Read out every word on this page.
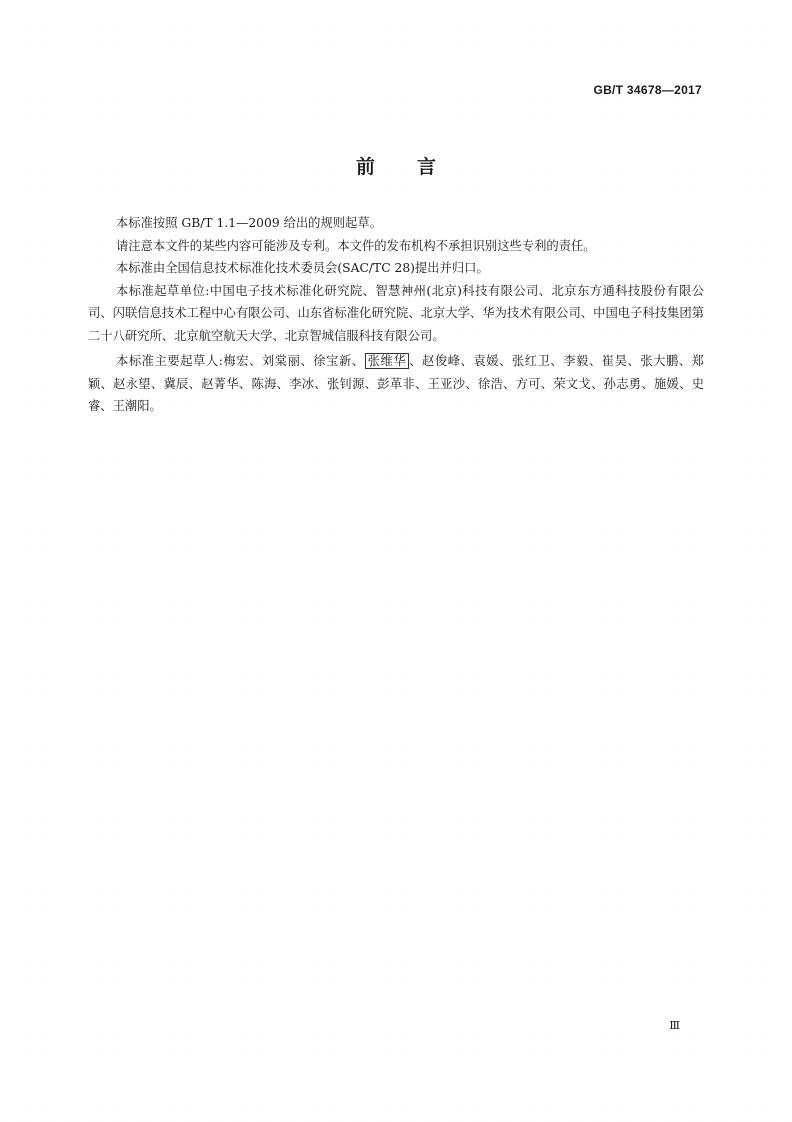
GB/T 34678—2017
前言

本标准按照 GB/T 1.1—2009 给出的规则起草。

请注意本文件的某些内容可能涉及专利。本文件的发布机构不承担识别这些专利的责任。

本标准由全国信息技术标准化技术委员会(SAC/TC 28)提出并归口。

本标准起草单位:中国电子技术标准化研究院、智慧神州(北京)科技有限公司、北京东方通科技股份有限公司、闪联信息技术工程中心有限公司、山东省标准化研究院、北京大学、华为技术有限公司、中国电子科技集团第二十八研究所、北京航空航天大学、北京智城信服科技有限公司。

本标准主要起草人:梅宏、刘棠丽、徐宝新、 张维华 、赵俊峰、袁媛、张红卫、李毅、崔昊、张大鹏、郑颖、赵永望、冀辰、赵菁华、陈海、李冰、张钊源、彭革非、王亚沙、徐浩、方可、荣文戈、孙志勇、施媛、史睿、王潮阳。

Ⅲ
